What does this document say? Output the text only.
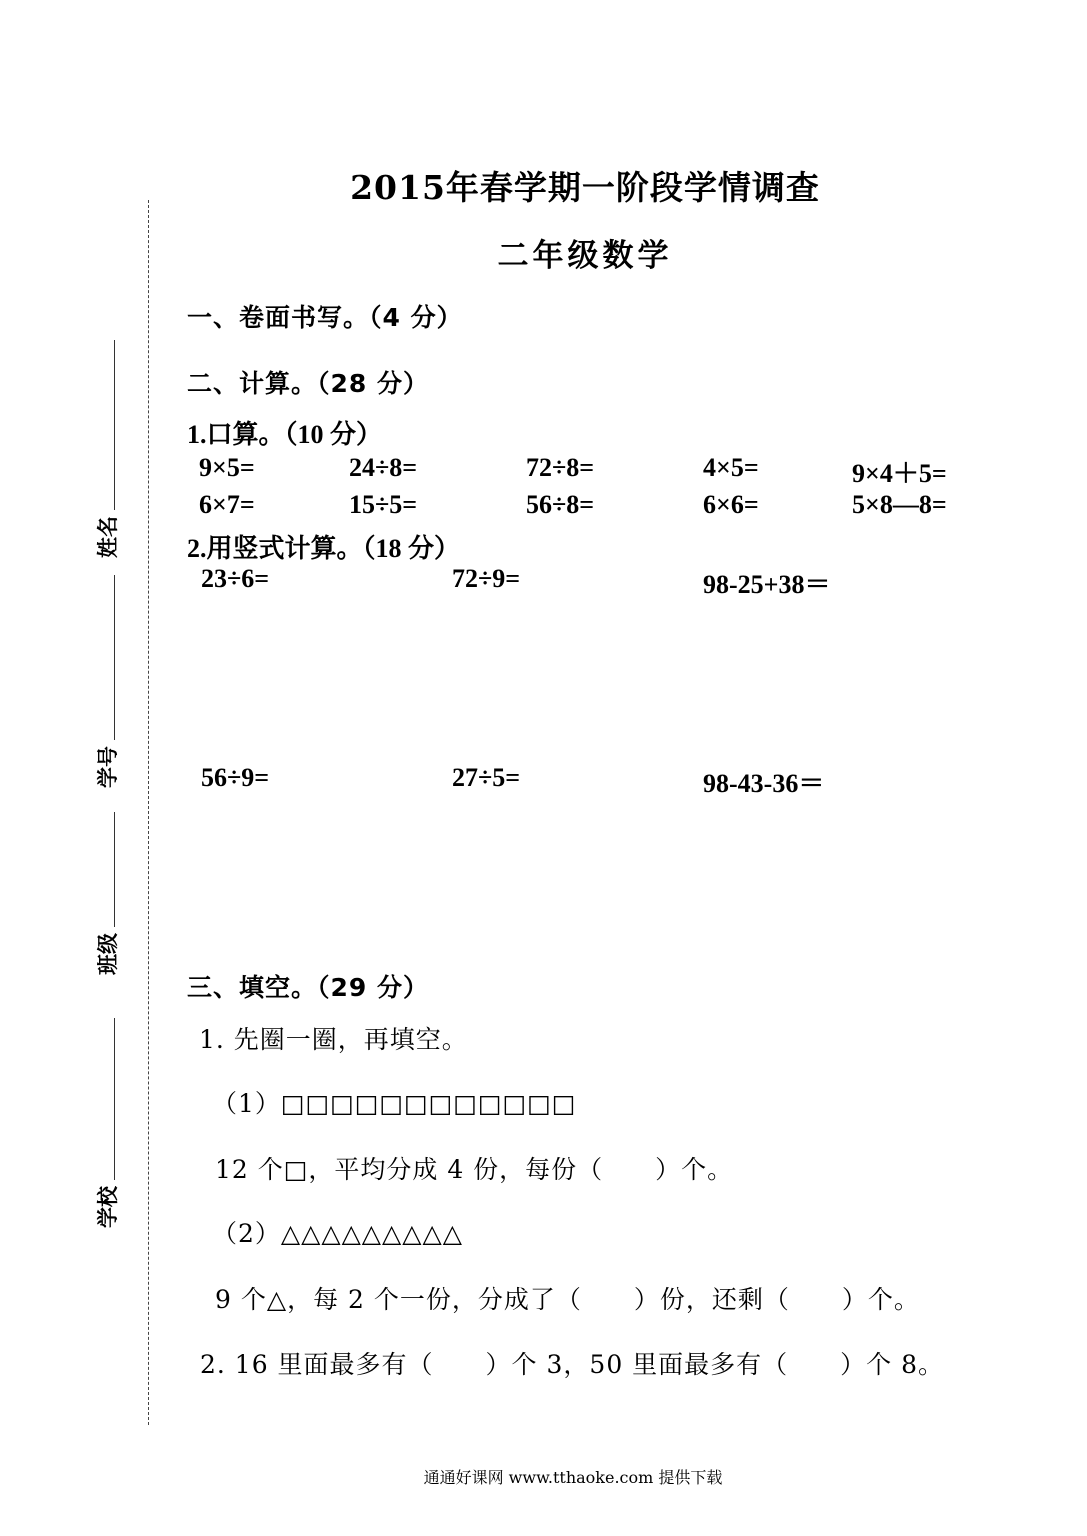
姓名
学号
班级
学校
2015年春学期一阶段学情调查
二年级数学
一、卷面书写。（4 分）
二、计算。（28 分）
1.口算。（10 分）
9×5=	24÷8=	72÷8=	4×5=	9×4＋5=
6×7=	15÷5=	56÷8=	6×6=	5×8—8=
2.用竖式计算。（18 分）
23÷6=	72÷9=	98-25+38＝
56÷9=	27÷5=	98-43-36＝
三、填空。（29 分）
1. 先圈一圈，再填空。
（1）□□□□□□□□□□□□
12 个□，平均分成 4 份，每份（　　）个。
（2）△△△△△△△△△
9 个△，每 2 个一份，分成了（　　）份，还剩（　　）个。
2. 16 里面最多有（　　）个 3，50 里面最多有（　　）个 8。
通通好课网 www.tthaoke.com 提供下载
